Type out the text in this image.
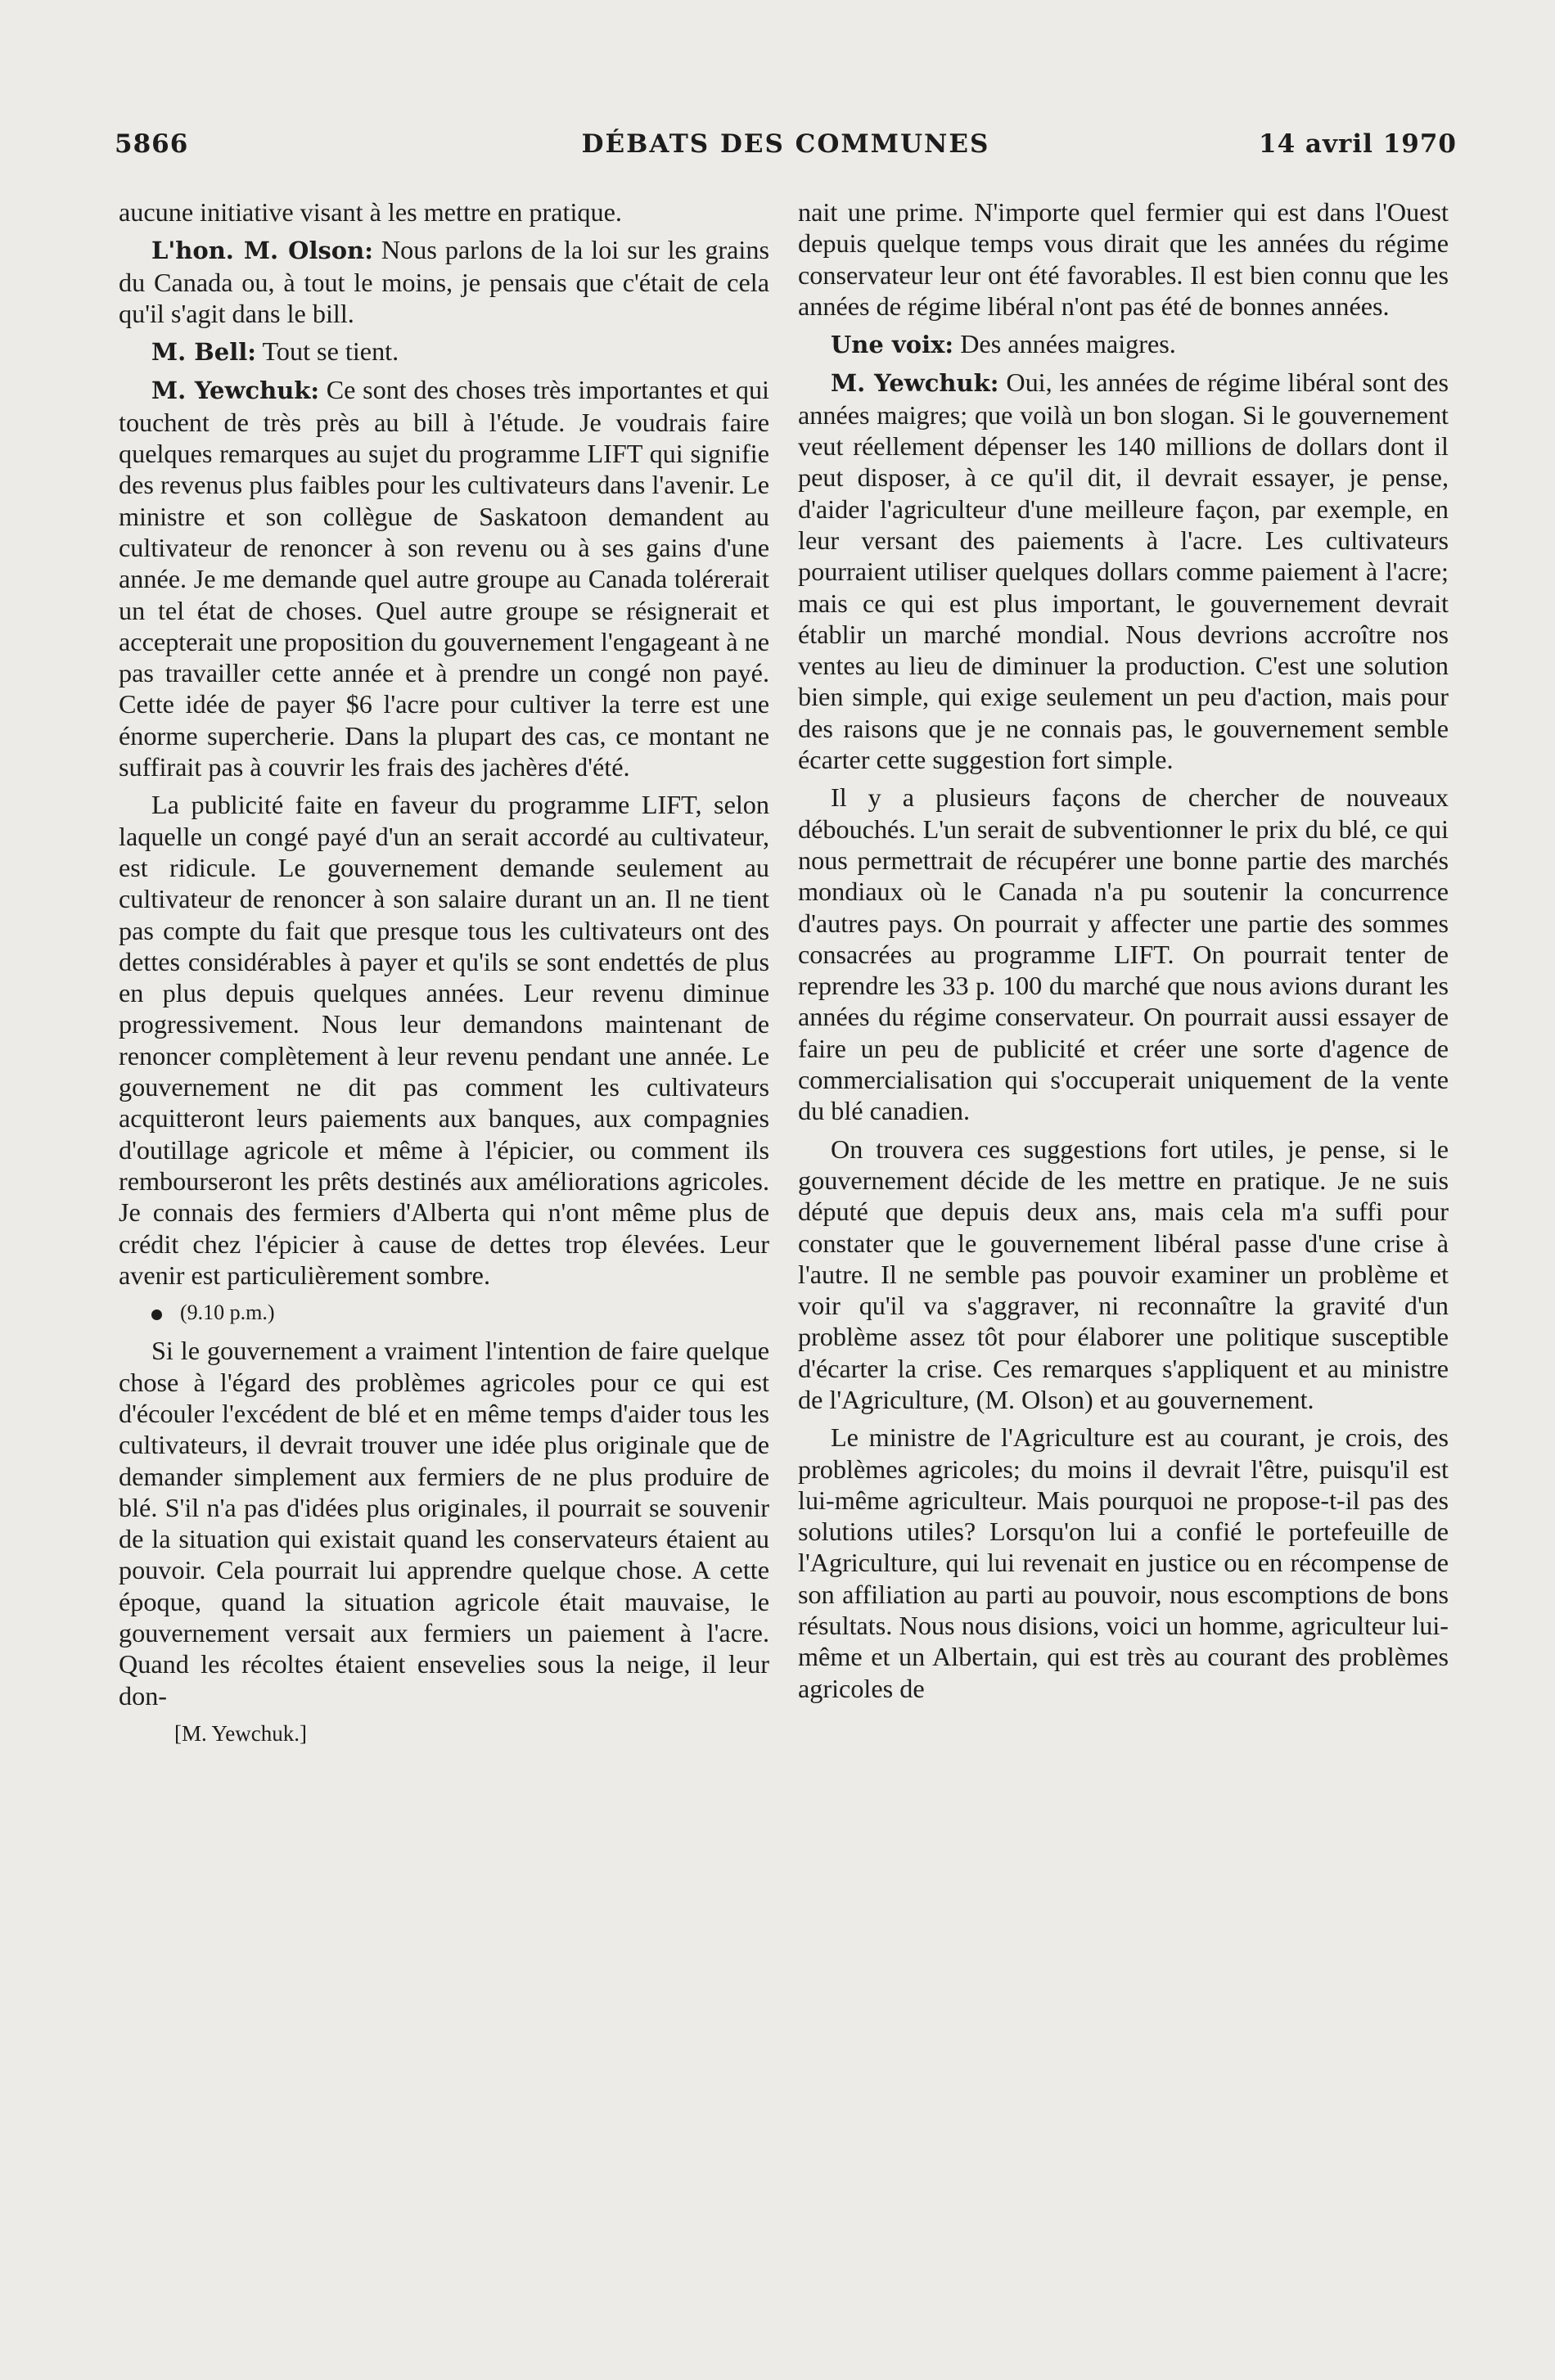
5866	DÉBATS DES COMMUNES	14 avril 1970

aucune initiative visant à les mettre en pratique.

L'hon. M. Olson: Nous parlons de la loi sur les grains du Canada ou, à tout le moins, je pensais que c'était de cela qu'il s'agit dans le bill.

M. Bell: Tout se tient.

M. Yewchuk: Ce sont des choses très importantes et qui touchent de très près au bill à l'étude. Je voudrais faire quelques remarques au sujet du programme LIFT qui signifie des revenus plus faibles pour les cultivateurs dans l'avenir. Le ministre et son collègue de Saskatoon demandent au cultivateur de renoncer à son revenu ou à ses gains d'une année. Je me demande quel autre groupe au Canada tolérerait un tel état de choses. Quel autre groupe se résignerait et accepterait une proposition du gouvernement l'engageant à ne pas travailler cette année et à prendre un congé non payé. Cette idée de payer $6 l'acre pour cultiver la terre est une énorme supercherie. Dans la plupart des cas, ce montant ne suffirait pas à couvrir les frais des jachères d'été.

La publicité faite en faveur du programme LIFT, selon laquelle un congé payé d'un an serait accordé au cultivateur, est ridicule. Le gouvernement demande seulement au cultivateur de renoncer à son salaire durant un an. Il ne tient pas compte du fait que presque tous les cultivateurs ont des dettes considérables à payer et qu'ils se sont endettés de plus en plus depuis quelques années. Leur revenu diminue progressivement. Nous leur demandons maintenant de renoncer complètement à leur revenu pendant une année. Le gouvernement ne dit pas comment les cultivateurs acquitteront leurs paiements aux banques, aux compagnies d'outillage agricole et même à l'épicier, ou comment ils rembourseront les prêts destinés aux améliorations agricoles. Je connais des fermiers d'Alberta qui n'ont même plus de crédit chez l'épicier à cause de dettes trop élevées. Leur avenir est particulièrement sombre.

(9.10 p.m.)

Si le gouvernement a vraiment l'intention de faire quelque chose à l'égard des problèmes agricoles pour ce qui est d'écouler l'excédent de blé et en même temps d'aider tous les cultivateurs, il devrait trouver une idée plus originale que de demander simplement aux fermiers de ne plus produire de blé. S'il n'a pas d'idées plus originales, il pourrait se souvenir de la situation qui existait quand les conservateurs étaient au pouvoir. Cela pourrait lui apprendre quelque chose. A cette époque, quand la situation agricole était mauvaise, le gouvernement versait aux fermiers un paiement à l'acre. Quand les récoltes étaient ensevelies sous la neige, il leur don-

[M. Yewchuk.]

nait une prime. N'importe quel fermier qui est dans l'Ouest depuis quelque temps vous dirait que les années du régime conservateur leur ont été favorables. Il est bien connu que les années de régime libéral n'ont pas été de bonnes années.

Une voix: Des années maigres.

M. Yewchuk: Oui, les années de régime libéral sont des années maigres; que voilà un bon slogan. Si le gouvernement veut réellement dépenser les 140 millions de dollars dont il peut disposer, à ce qu'il dit, il devrait essayer, je pense, d'aider l'agriculteur d'une meilleure façon, par exemple, en leur versant des paiements à l'acre. Les cultivateurs pourraient utiliser quelques dollars comme paiement à l'acre; mais ce qui est plus important, le gouvernement devrait établir un marché mondial. Nous devrions accroître nos ventes au lieu de diminuer la production. C'est une solution bien simple, qui exige seulement un peu d'action, mais pour des raisons que je ne connais pas, le gouvernement semble écarter cette suggestion fort simple.

Il y a plusieurs façons de chercher de nouveaux débouchés. L'un serait de subventionner le prix du blé, ce qui nous permettrait de récupérer une bonne partie des marchés mondiaux où le Canada n'a pu soutenir la concurrence d'autres pays. On pourrait y affecter une partie des sommes consacrées au programme LIFT. On pourrait tenter de reprendre les 33 p. 100 du marché que nous avions durant les années du régime conservateur. On pourrait aussi essayer de faire un peu de publicité et créer une sorte d'agence de commercialisation qui s'occuperait uniquement de la vente du blé canadien.

On trouvera ces suggestions fort utiles, je pense, si le gouvernement décide de les mettre en pratique. Je ne suis député que depuis deux ans, mais cela m'a suffi pour constater que le gouvernement libéral passe d'une crise à l'autre. Il ne semble pas pouvoir examiner un problème et voir qu'il va s'aggraver, ni reconnaître la gravité d'un problème assez tôt pour élaborer une politique susceptible d'écarter la crise. Ces remarques s'appliquent et au ministre de l'Agriculture, (M. Olson) et au gouvernement.

Le ministre de l'Agriculture est au courant, je crois, des problèmes agricoles; du moins il devrait l'être, puisqu'il est lui-même agriculteur. Mais pourquoi ne propose-t-il pas des solutions utiles? Lorsqu'on lui a confié le portefeuille de l'Agriculture, qui lui revenait en justice ou en récompense de son affiliation au parti au pouvoir, nous escomptions de bons résultats. Nous nous disions, voici un homme, agriculteur lui-même et un Albertain, qui est très au courant des problèmes agricoles de
